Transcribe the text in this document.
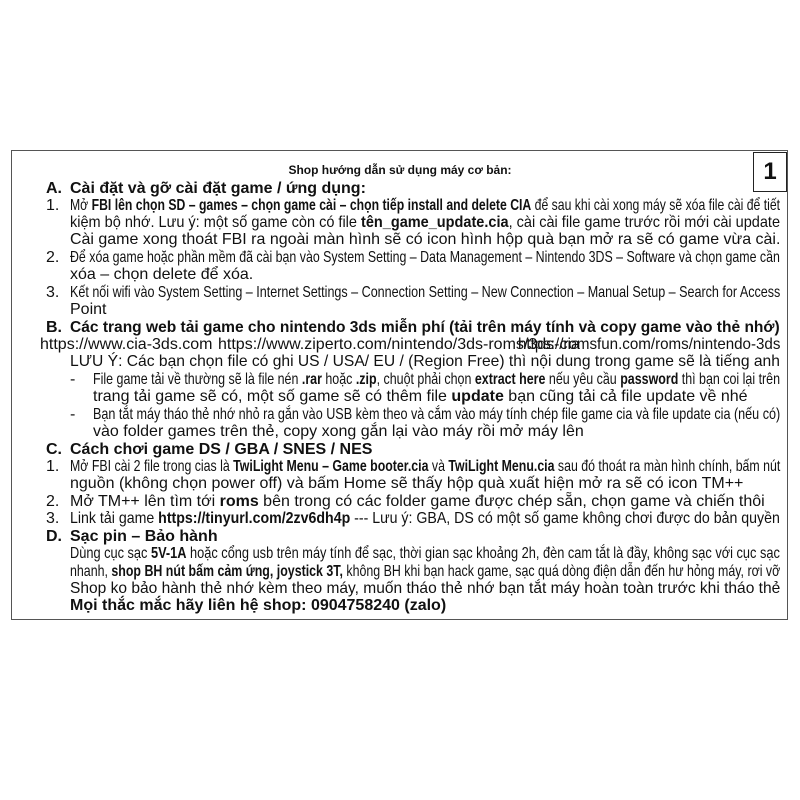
1
Shop hướng dẫn sử dụng máy cơ bản:
A. Cài đặt và gỡ cài đặt game / ứng dụng:
1. Mở FBI lên chọn SD – games – chọn game cài – chọn tiếp install and delete CIA để sau khi cài xong máy sẽ xóa file cài để tiết
kiệm bộ nhớ. Lưu ý: một số game còn có file tên_game_update.cia, cài cài file game trước rồi mới cài update
Cài game xong thoát FBI ra ngoài màn hình sẽ có icon hình hộp quà bạn mở ra sẽ có game vừa cài.
2. Để xóa game hoặc phần mềm đã cài bạn vào System Setting – Data Management – Nintendo 3DS – Software và chọn game cần
xóa – chọn delete để xóa.
3. Kết nối wifi vào System Setting – Internet Settings – Connection Setting – New Connection – Manual Setup – Search for Access
Point
B. Các trang web tải game cho nintendo 3ds miễn phí (tải trên máy tính và copy game vào thẻ nhớ)
https://www.cia-3ds.com https://www.ziperto.com/nintendo/3ds-roms/3ds-cia
https://romsfun.com/roms/nintendo-3ds
LƯU Ý: Các bạn chọn file có ghi US / USA/ EU / (Region Free) thì nội dung trong game sẽ là tiếng anh
- File game tải về thường sẽ là file nén .rar hoặc .zip, chuột phải chọn extract here nếu yêu cầu password thì bạn coi lại trên
trang tải game sẽ có, một số game sẽ có thêm file update bạn cũng tải cả file update về nhé
- Bạn tắt máy tháo thẻ nhớ nhỏ ra gắn vào USB kèm theo và cắm vào máy tính chép file game cia và file update cia (nếu có)
vào folder games trên thẻ, copy xong gắn lại vào máy rồi mở máy lên
C. Cách chơi game DS / GBA / SNES / NES
1. Mở FBI cài 2 file trong cias là TwiLight Menu – Game booter.cia và TwiLight Menu.cia sau đó thoát ra màn hình chính, bấm nút
nguồn (không chọn power off) và bấm Home sẽ thấy hộp quà xuất hiện mở ra sẽ có icon TM++
2. Mở TM++ lên tìm tới roms bên trong có các folder game được chép sẵn, chọn game và chiến thôi
3. Link tải game https://tinyurl.com/2zv6dh4p --- Lưu ý: GBA, DS có một số game không chơi được do bản quyền
D. Sạc pin – Bảo hành
Dùng cục sạc 5V-1A hoặc cổng usb trên máy tính để sạc, thời gian sạc khoảng 2h, đèn cam tắt là đầy, không sạc với cục sạc
nhanh, shop BH nút bấm cảm ứng, joystick 3T, không BH khi bạn hack game, sạc quá dòng điện dẫn đến hư hỏng máy, rơi vỡ
Shop ko bảo hành thẻ nhớ kèm theo máy, muốn tháo thẻ nhớ bạn tắt máy hoàn toàn trước khi tháo thẻ
Mọi thắc mắc hãy liên hệ shop: 0904758240 (zalo)
